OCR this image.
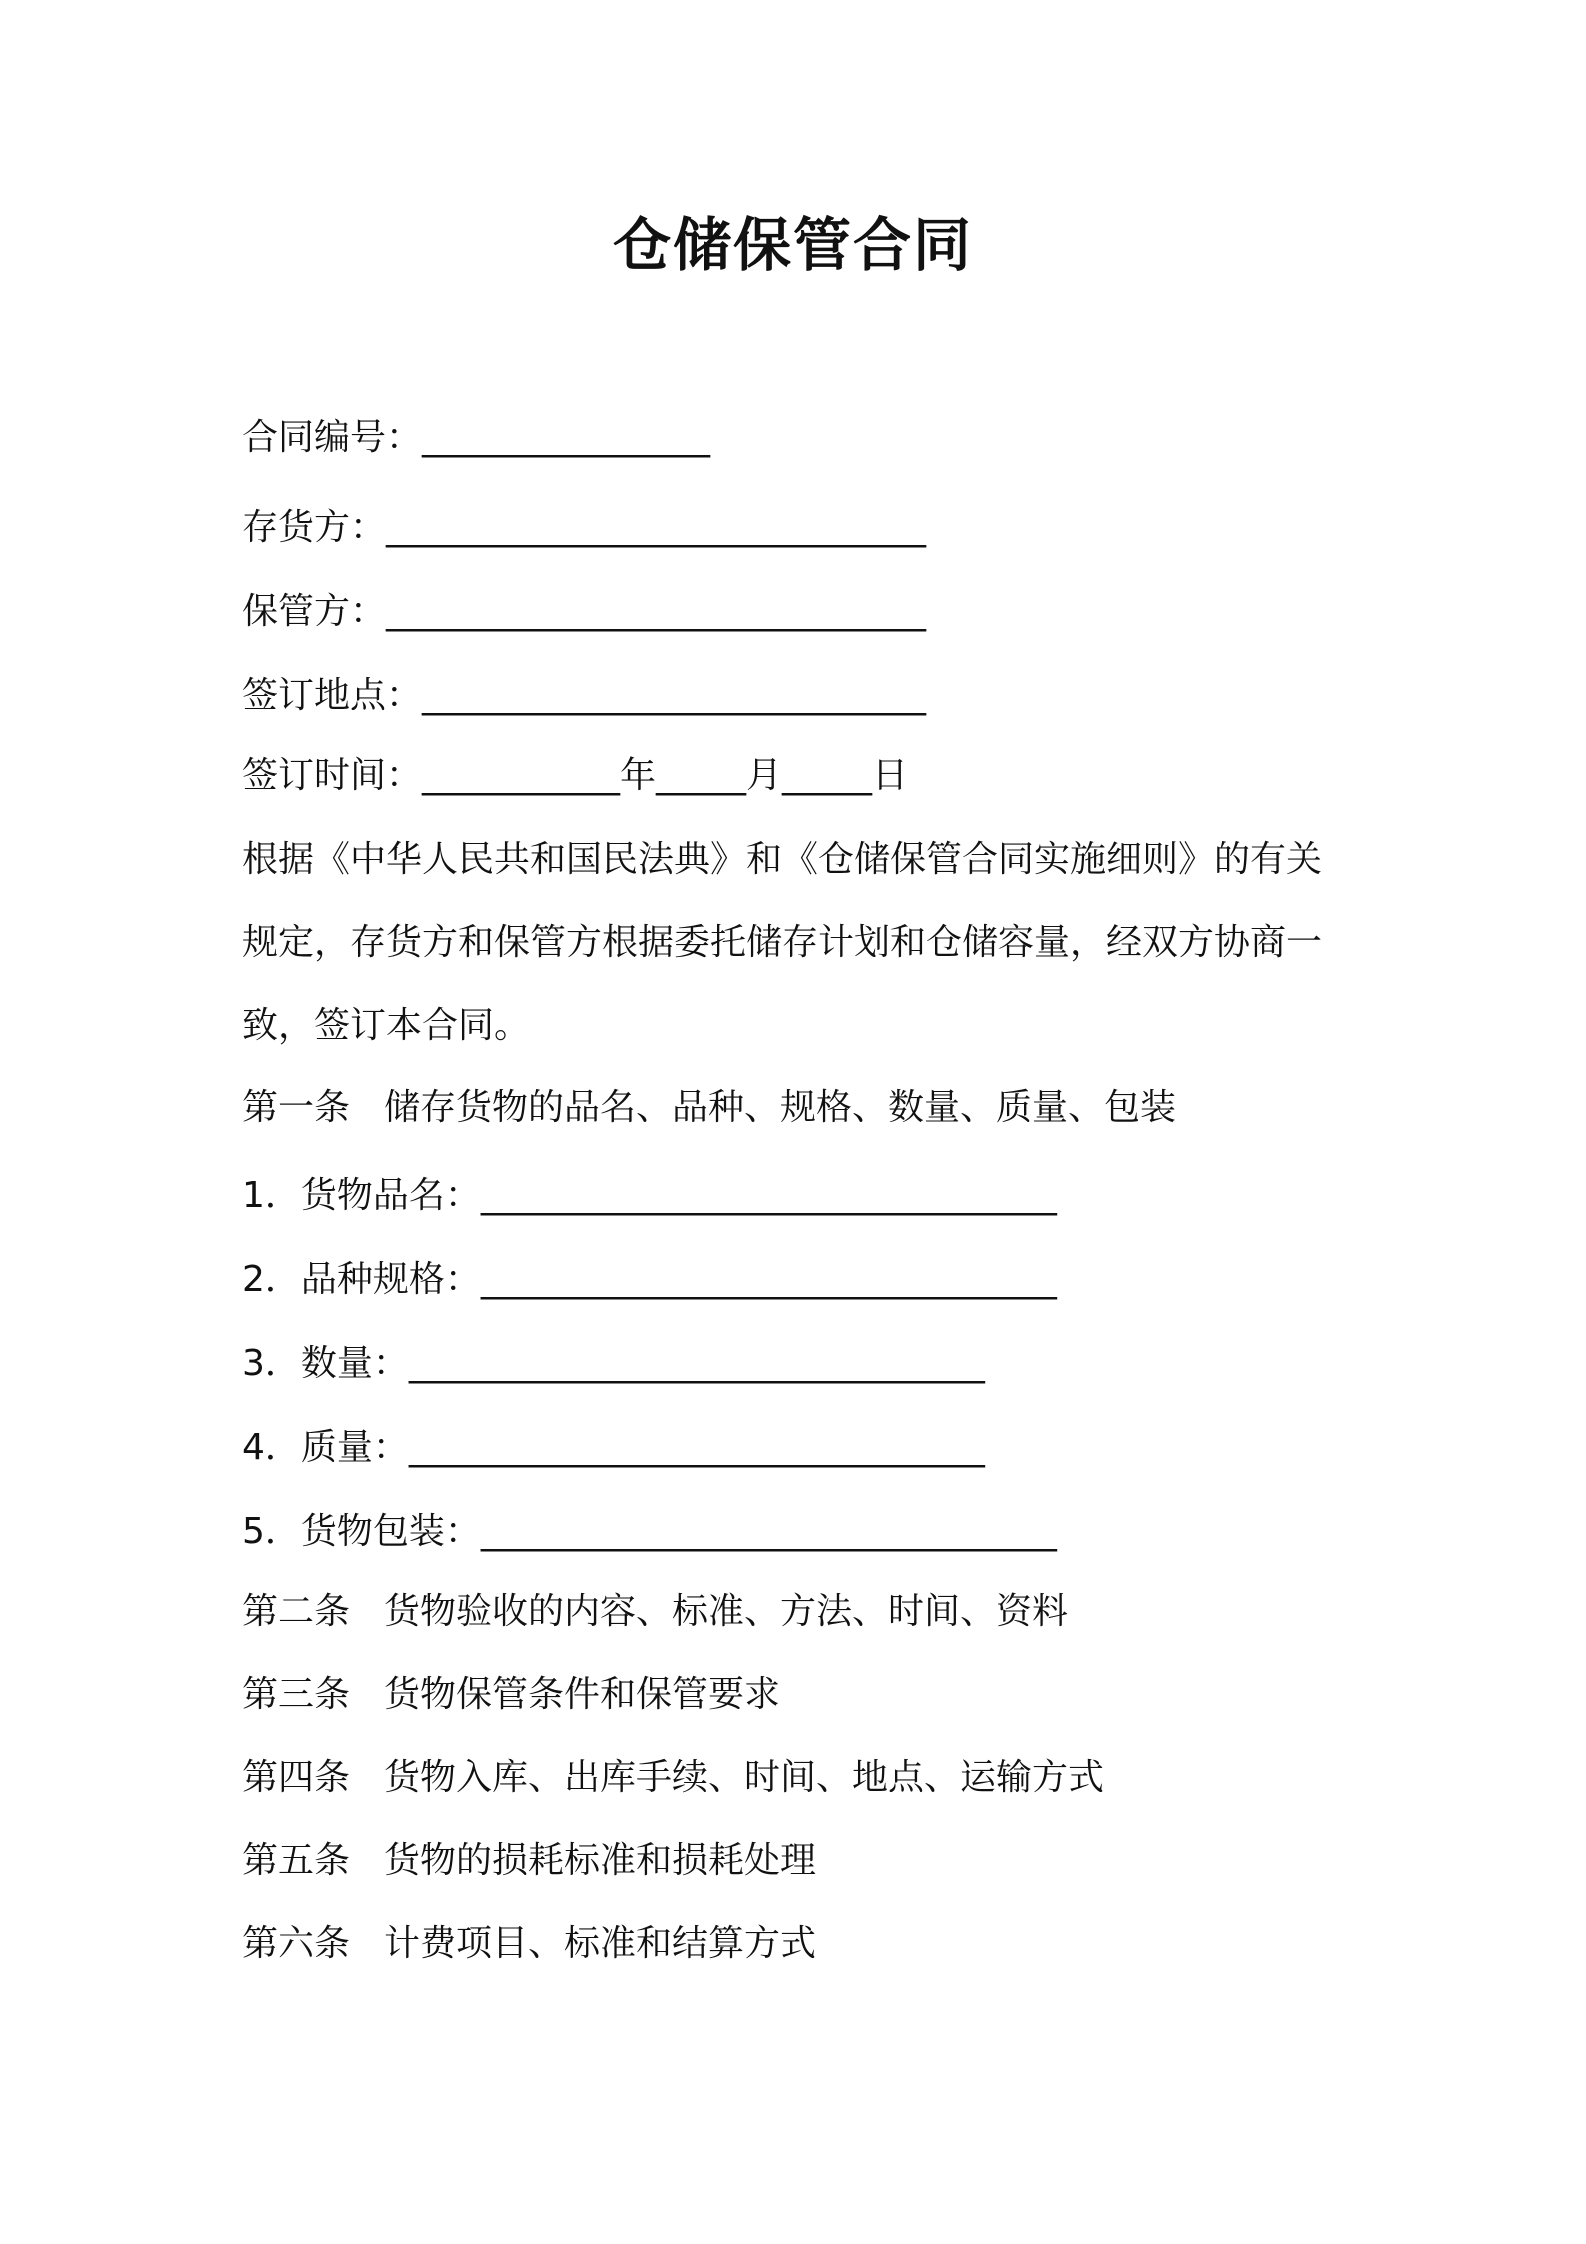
仓储保管合同
合同编号：________________
存货方：______________________________
保管方：______________________________
签订地点：____________________________
签订时间：___________年_____月_____日
根据《中华人民共和国民法典》和《仓储保管合同实施细则》的有关
规定，存货方和保管方根据委托储存计划和仓储容量，经双方协商一
致，签订本合同。
第一条 储存货物的品名、品种、规格、数量、质量、包装
1．货物品名：________________________________
2．品种规格：________________________________
3．数量：________________________________
4．质量：________________________________
5．货物包装：________________________________
第二条 货物验收的内容、标准、方法、时间、资料
第三条 货物保管条件和保管要求
第四条 货物入库、出库手续、时间、地点、运输方式
第五条 货物的损耗标准和损耗处理
第六条 计费项目、标准和结算方式
